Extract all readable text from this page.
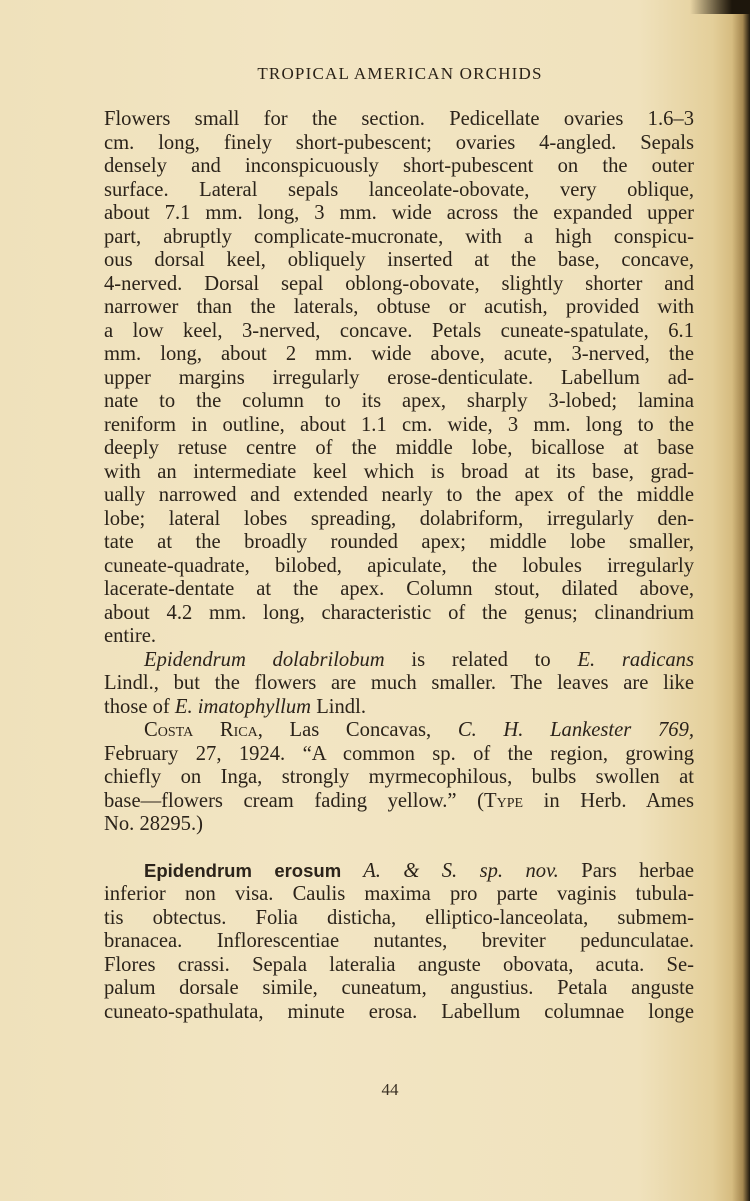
TROPICAL AMERICAN ORCHIDS
Flowers small for the section. Pedicellate ovaries 1.6–3
cm. long, finely short-pubescent; ovaries 4-angled. Sepals
densely and inconspicuously short-pubescent on the outer
surface. Lateral sepals lanceolate-obovate, very oblique,
about 7.1 mm. long, 3 mm. wide across the expanded upper
part, abruptly complicate-mucronate, with a high conspicu-
ous dorsal keel, obliquely inserted at the base, concave,
4-nerved. Dorsal sepal oblong-obovate, slightly shorter and
narrower than the laterals, obtuse or acutish, provided with
a low keel, 3-nerved, concave. Petals cuneate-spatulate, 6.1
mm. long, about 2 mm. wide above, acute, 3-nerved, the
upper margins irregularly erose-denticulate. Labellum ad-
nate to the column to its apex, sharply 3-lobed; lamina
reniform in outline, about 1.1 cm. wide, 3 mm. long to the
deeply retuse centre of the middle lobe, bicallose at base
with an intermediate keel which is broad at its base, grad-
ually narrowed and extended nearly to the apex of the middle
lobe; lateral lobes spreading, dolabriform, irregularly den-
tate at the broadly rounded apex; middle lobe smaller,
cuneate-quadrate, bilobed, apiculate, the lobules irregularly
lacerate-dentate at the apex. Column stout, dilated above,
about 4.2 mm. long, characteristic of the genus; clinandrium
entire.
Epidendrum dolabrilobum is related to E. radicans
Lindl., but the flowers are much smaller. The leaves are like
those of E. imatophyllum Lindl.
Costa Rica, Las Concavas, C. H. Lankester 769,
February 27, 1924. “A common sp. of the region, growing
chiefly on Inga, strongly myrmecophilous, bulbs swollen at
base—flowers cream fading yellow.” (Type in Herb. Ames
No. 28295.)
Epidendrum erosum A. & S. sp. nov. Pars herbae
inferior non visa. Caulis maxima pro parte vaginis tubula-
tis obtectus. Folia disticha, elliptico-lanceolata, submem-
branacea. Inflorescentiae nutantes, breviter pedunculatae.
Flores crassi. Sepala lateralia anguste obovata, acuta. Se-
palum dorsale simile, cuneatum, angustius. Petala anguste
cuneato-spathulata, minute erosa. Labellum columnae longe
44
